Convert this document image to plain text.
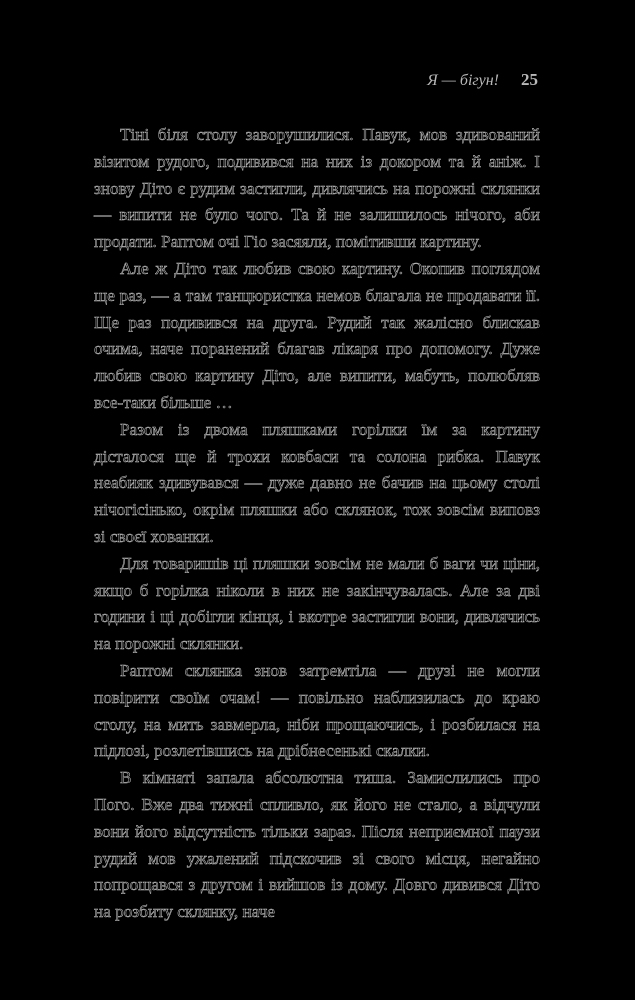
Я — бігун! 25

Тіні біля столу заворушилися. Павук, мов здивований візитом рудого, подивився на них із докором та й аніж. І знову Діто є рудим застигли, дивлячись на порожні склянки — випити не було чого. Та й не залишилось нічого, аби продати. Раптом очі Гіо засяяли, помітивши картину.

Але ж Діто так любив свою картину. Окопив поглядом ще раз, — а там танцюристка немов благала не продавати її. Ще раз подивився на друга. Рудий так жалісно блискав очима, наче поранений благав лікаря про допомогу. Дуже любив свою картину Діто, але випити, мабуть, полюбляв все-таки більше …

Разом із двома пляшками горілки їм за картину дісталося ще й трохи ковбаси та солона рибка. Павук неабияк здивувався — дуже давно не бачив на цьому столі нічогісінько, окрім пляшки або склянок, тож зовсім виповз зі своєї хованки.

Для товаришів ці пляшки зовсім не мали б ваги чи ціни, якщо б горілка ніколи в них не закінчувалась. Але за дві години і ці добігли кінця, і вкотре застигли вони, дивлячись на порожні склянки.

Раптом склянка знов затремтіла — друзі не могли повірити своїм очам! — повільно наблизилась до краю столу, на мить завмерла, ніби прощаючись, і розбилася на підлозі, розлетівшись на дрібнесенькі скалки.

В кімнаті запала абсолютна тиша. Замислились про Пого. Вже два тижні спливло, як його не стало, а відчули вони його відсутність тільки зараз. Після неприємної паузи рудий мов ужалений підскочив зі свого місця, негайно попрощався з другом і вийшов із дому. Довго дивився Діто на розбиту склянку, наче
